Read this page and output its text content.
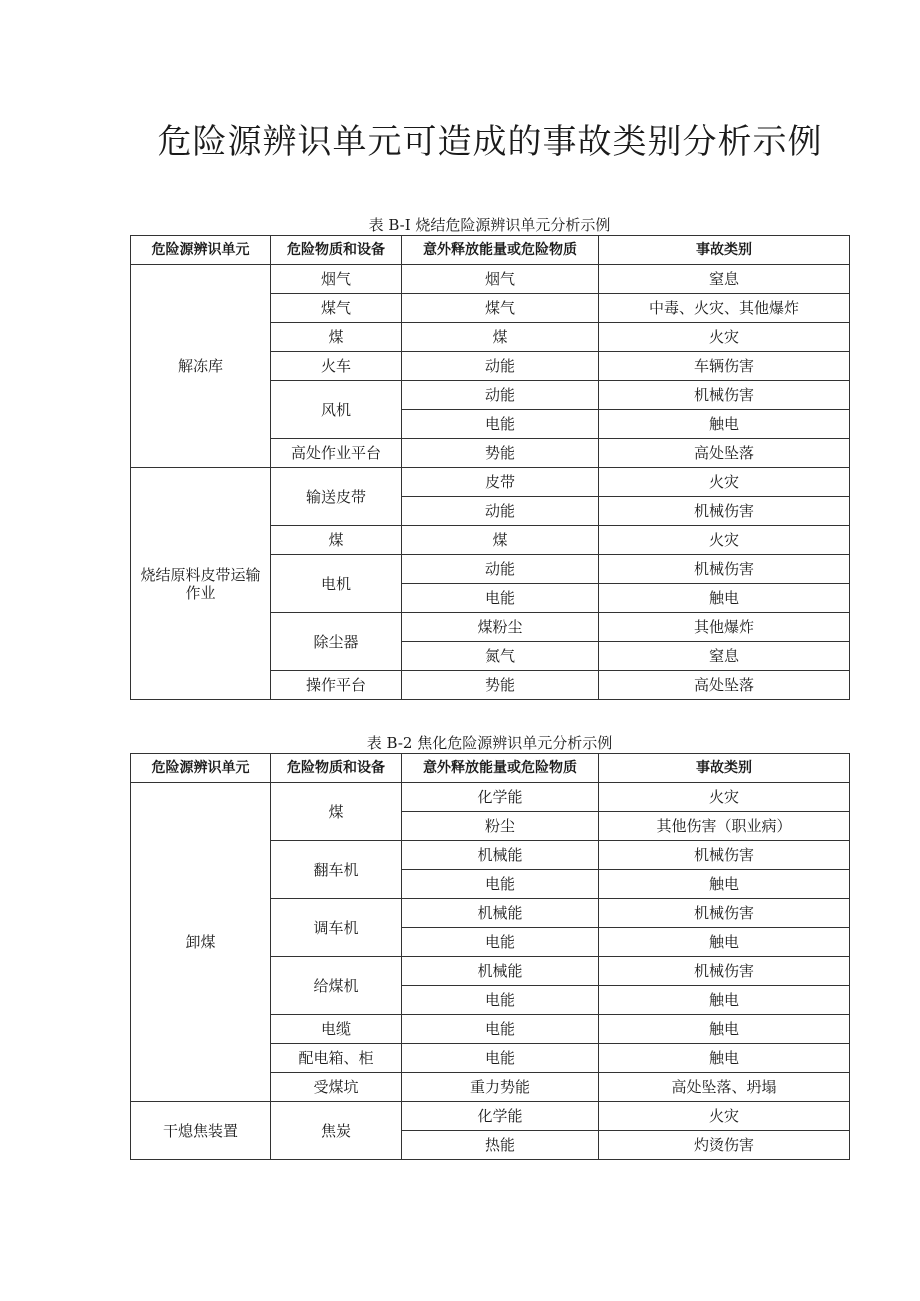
危险源辨识单元可造成的事故类别分析示例
表 B-I 烧结危险源辨识单元分析示例
危险源辨识单元	危险物质和设备	意外释放能量或危险物质	事故类别
解冻库	烟气	烟气	窒息
	煤气	煤气	中毒、火灾、其他爆炸
	煤	煤	火灾
	火车	动能	车辆伤害
	风机	动能	机械伤害
		电能	触电
	高处作业平台	势能	高处坠落
烧结原料皮带运输作业	输送皮带	皮带	火灾
		动能	机械伤害
	煤	煤	火灾
	电机	动能	机械伤害
		电能	触电
	除尘器	煤粉尘	其他爆炸
		氮气	窒息
	操作平台	势能	高处坠落
表 B-2 焦化危险源辨识单元分析示例
危险源辨识单元	危险物质和设备	意外释放能量或危险物质	事故类别
卸煤	煤	化学能	火灾
		粉尘	其他伤害（职业病）
	翻车机	机械能	机械伤害
		电能	触电
	调车机	机械能	机械伤害
		电能	触电
	给煤机	机械能	机械伤害
		电能	触电
	电缆	电能	触电
	配电箱、柜	电能	触电
	受煤坑	重力势能	高处坠落、坍塌
干熄焦装置	焦炭	化学能	火灾
		热能	灼烫伤害
